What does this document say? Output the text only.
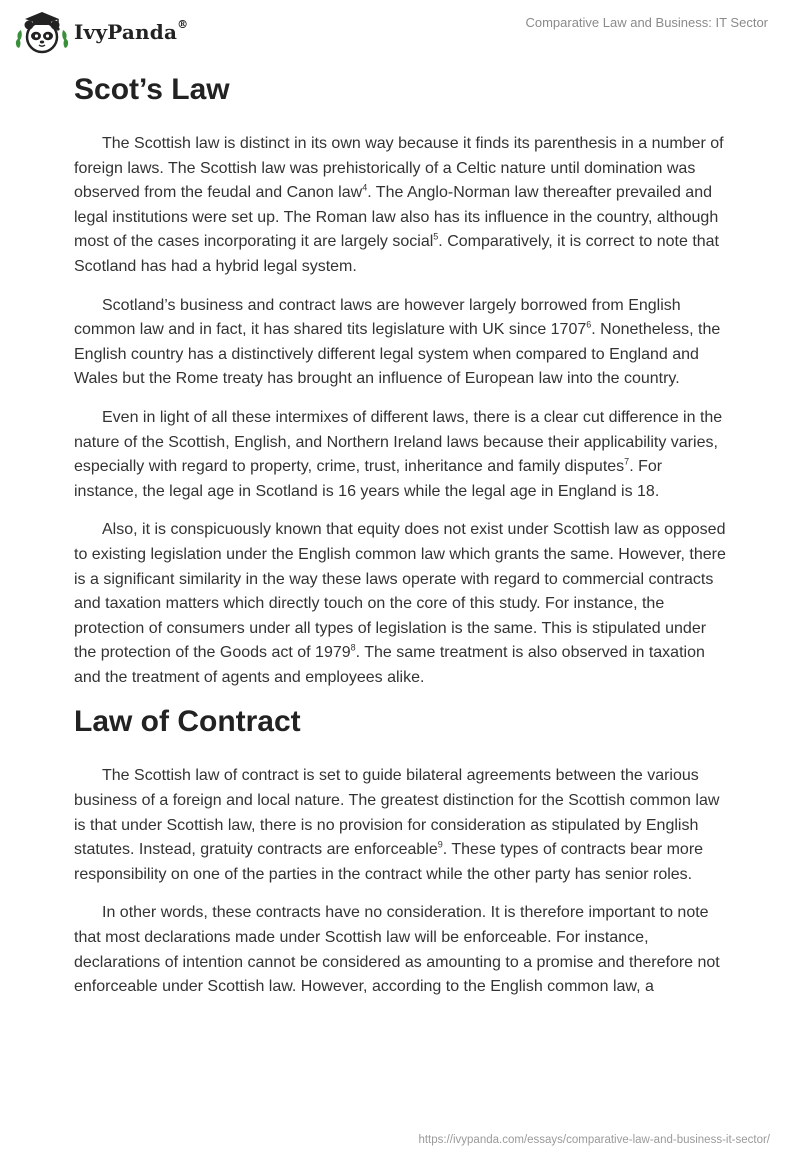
IvyPanda®	Comparative Law and Business: IT Sector
Scot’s Law

The Scottish law is distinct in its own way because it finds its parenthesis in a number of foreign laws. The Scottish law was prehistorically of a Celtic nature until domination was observed from the feudal and Canon law$^4$. The Anglo-Norman law thereafter prevailed and legal institutions were set up. The Roman law also has its influence in the country, although most of the cases incorporating it are largely social$^5$. Comparatively, it is correct to note that Scotland has had a hybrid legal system.

Scotland’s business and contract laws are however largely borrowed from English common law and in fact, it has shared tits legislature with UK since 1707$^6$. Nonetheless, the English country has a distinctively different legal system when compared to England and Wales but the Rome treaty has brought an influence of European law into the country.

Even in light of all these intermixes of different laws, there is a clear cut difference in the nature of the Scottish, English, and Northern Ireland laws because their applicability varies, especially with regard to property, crime, trust, inheritance and family disputes$^7$. For instance, the legal age in Scotland is 16 years while the legal age in England is 18.

Also, it is conspicuously known that equity does not exist under Scottish law as opposed to existing legislation under the English common law which grants the same. However, there is a significant similarity in the way these laws operate with regard to commercial contracts and taxation matters which directly touch on the core of this study. For instance, the protection of consumers under all types of legislation is the same. This is stipulated under the protection of the Goods act of 1979$^8$. The same treatment is also observed in taxation and the treatment of agents and employees alike.

Law of Contract

The Scottish law of contract is set to guide bilateral agreements between the various business of a foreign and local nature. The greatest distinction for the Scottish common law is that under Scottish law, there is no provision for consideration as stipulated by English statutes. Instead, gratuity contracts are enforceable$^9$. These types of contracts bear more responsibility on one of the parties in the contract while the other party has senior roles.

In other words, these contracts have no consideration. It is therefore important to note that most declarations made under Scottish law will be enforceable. For instance, declarations of intention cannot be considered as amounting to a promise and therefore not enforceable under Scottish law. However, according to the English common law, a

https://ivypanda.com/essays/comparative-law-and-business-it-sector/
